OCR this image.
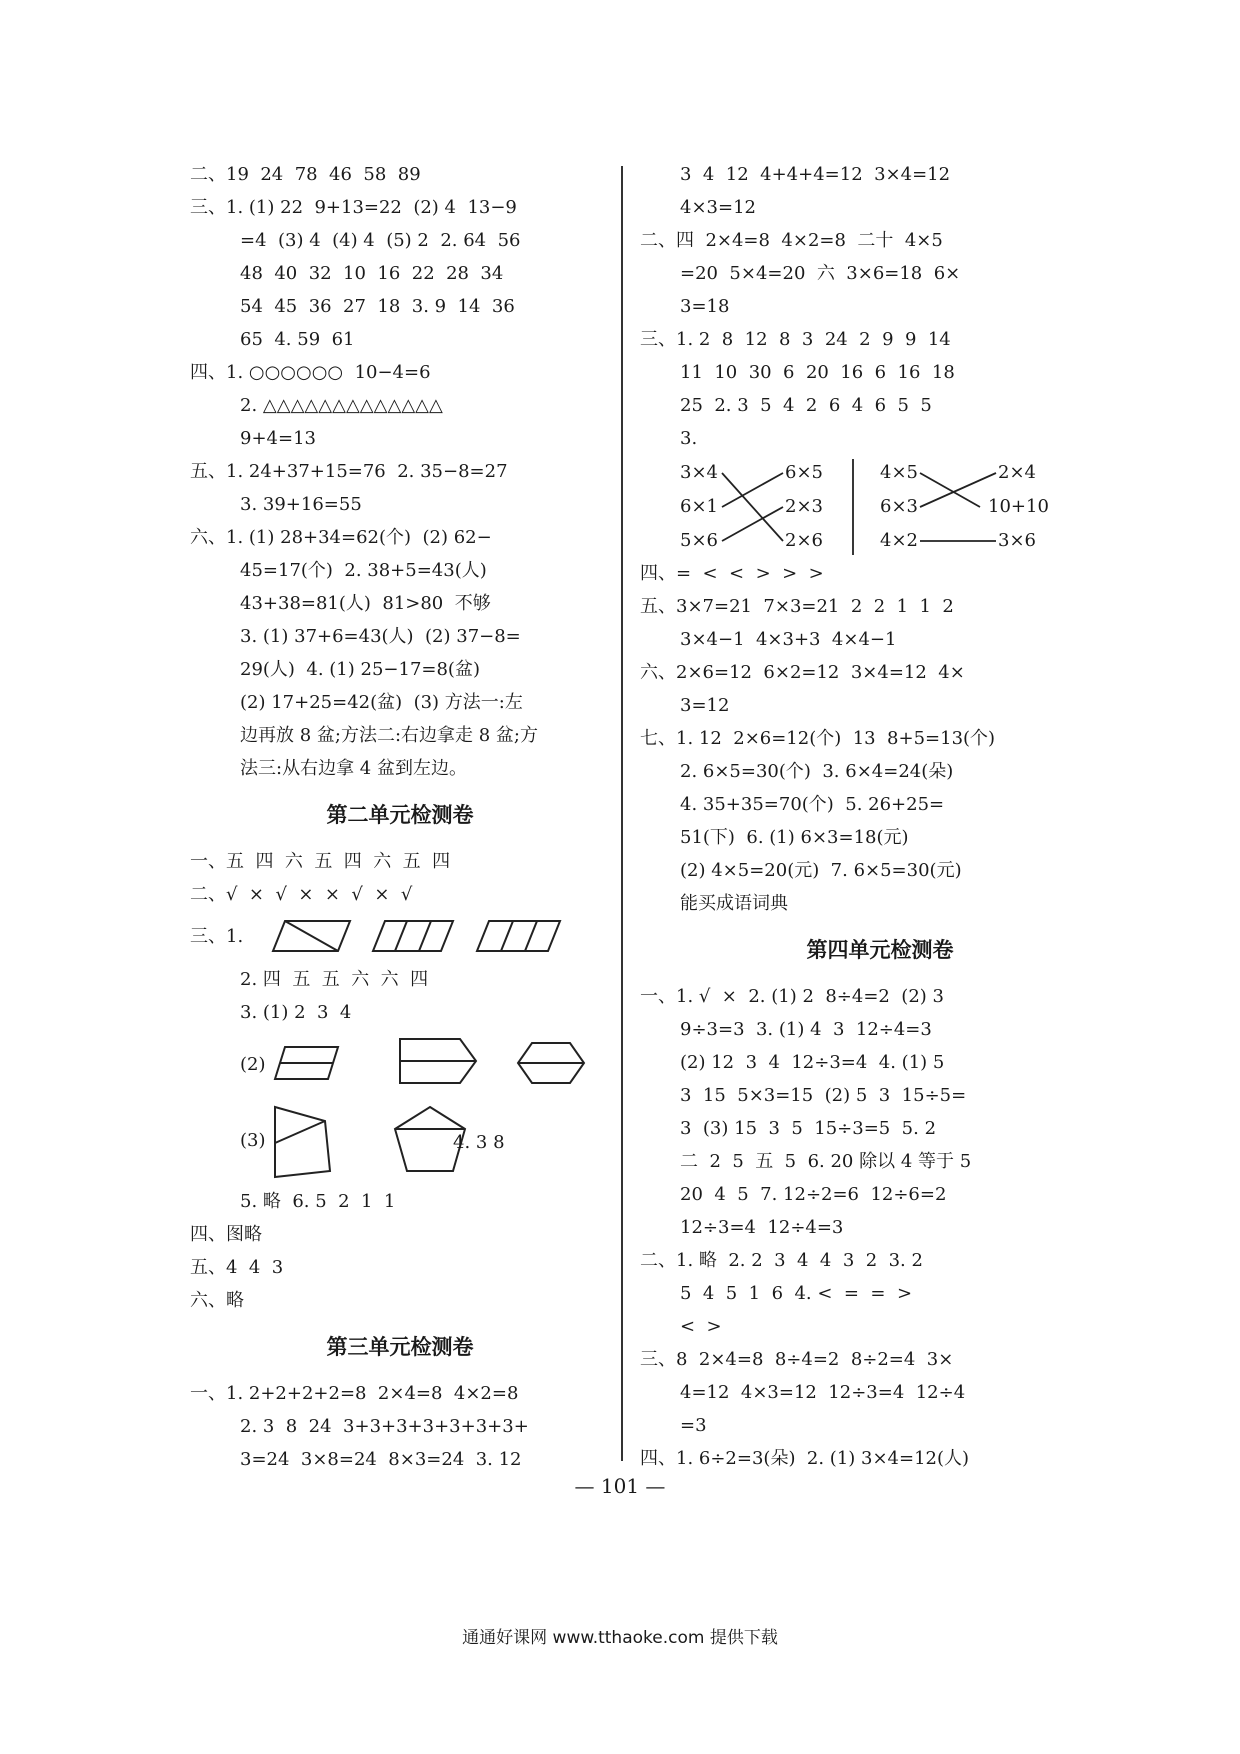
二、19  24  78  46  58  89
三、1. (1) 22  9+13=22  (2) 4  13−9
=4  (3) 4  (4) 4  (5) 2  2. 64  56
48  40  32  10  16  22  28  34
54  45  36  27  18  3. 9  14  36
65  4. 59  61
四、1. ○○○○○○  10−4=6
2. △△△△△△△△△△△△△
9+4=13
五、1. 24+37+15=76  2. 35−8=27
3. 39+16=55
六、1. (1) 28+34=62(个)  (2) 62−
45=17(个)  2. 38+5=43(人)
43+38=81(人)  81>80  不够
3. (1) 37+6=43(人)  (2) 37−8=
29(人)  4. (1) 25−17=8(盆)
(2) 17+25=42(盆)  (3) 方法一:左
边再放 8 盆;方法二:右边拿走 8 盆;方
法三:从右边拿 4 盆到左边。
第二单元检测卷
一、五  四  六  五  四  六  五  四
二、√  ×  √  ×  ×  √  ×  √
三、1.
2. 四  五  五  六  六  四
3. (1) 2  3  4
(2)
(3)	4. 3 8
5. 略  6. 5  2  1  1
四、图略
五、4  4  3
六、略
第三单元检测卷
一、1. 2+2+2+2=8  2×4=8  4×2=8
2. 3  8  24  3+3+3+3+3+3+3+
3=24  3×8=24  8×3=24  3. 12
3  4  12  4+4+4=12  3×4=12
4×3=12
二、四  2×4=8  4×2=8  二十  4×5
=20  5×4=20  六  3×6=18  6×
3=18
三、1. 2  8  12  8  3  24  2  9  9  14
11  10  30  6  20  16  6  16  18
25  2. 3  5  4  2  6  4  6  5  5
3.
3×4
6×1
5×6
6×5
2×3
2×6
4×5
6×3
4×2
2×4
10+10
3×6
四、=  <  <  >  >  >
五、3×7=21  7×3=21  2  2  1  1  2
3×4−1  4×3+3  4×4−1
六、2×6=12  6×2=12  3×4=12  4×
3=12
七、1. 12  2×6=12(个)  13  8+5=13(个)
2. 6×5=30(个)  3. 6×4=24(朵)
4. 35+35=70(个)  5. 26+25=
51(下)  6. (1) 6×3=18(元)
(2) 4×5=20(元)  7. 6×5=30(元)
能买成语词典
第四单元检测卷
一、1. √  ×  2. (1) 2  8÷4=2  (2) 3
9÷3=3  3. (1) 4  3  12÷4=3
(2) 12  3  4  12÷3=4  4. (1) 5
3  15  5×3=15  (2) 5  3  15÷5=
3  (3) 15  3  5  15÷3=5  5. 2
二  2  5  五  5  6. 20 除以 4 等于 5
20  4  5  7. 12÷2=6  12÷6=2
12÷3=4  12÷4=3
二、1. 略  2. 2  3  4  4  3  2  3. 2
5  4  5  1  6  4. <  =  =  >
<  >
三、8  2×4=8  8÷4=2  8÷2=4  3×
4=12  4×3=12  12÷3=4  12÷4
=3
四、1. 6÷2=3(朵)  2. (1) 3×4=12(人)
— 101 —
通通好课网 www.tthaoke.com 提供下载
